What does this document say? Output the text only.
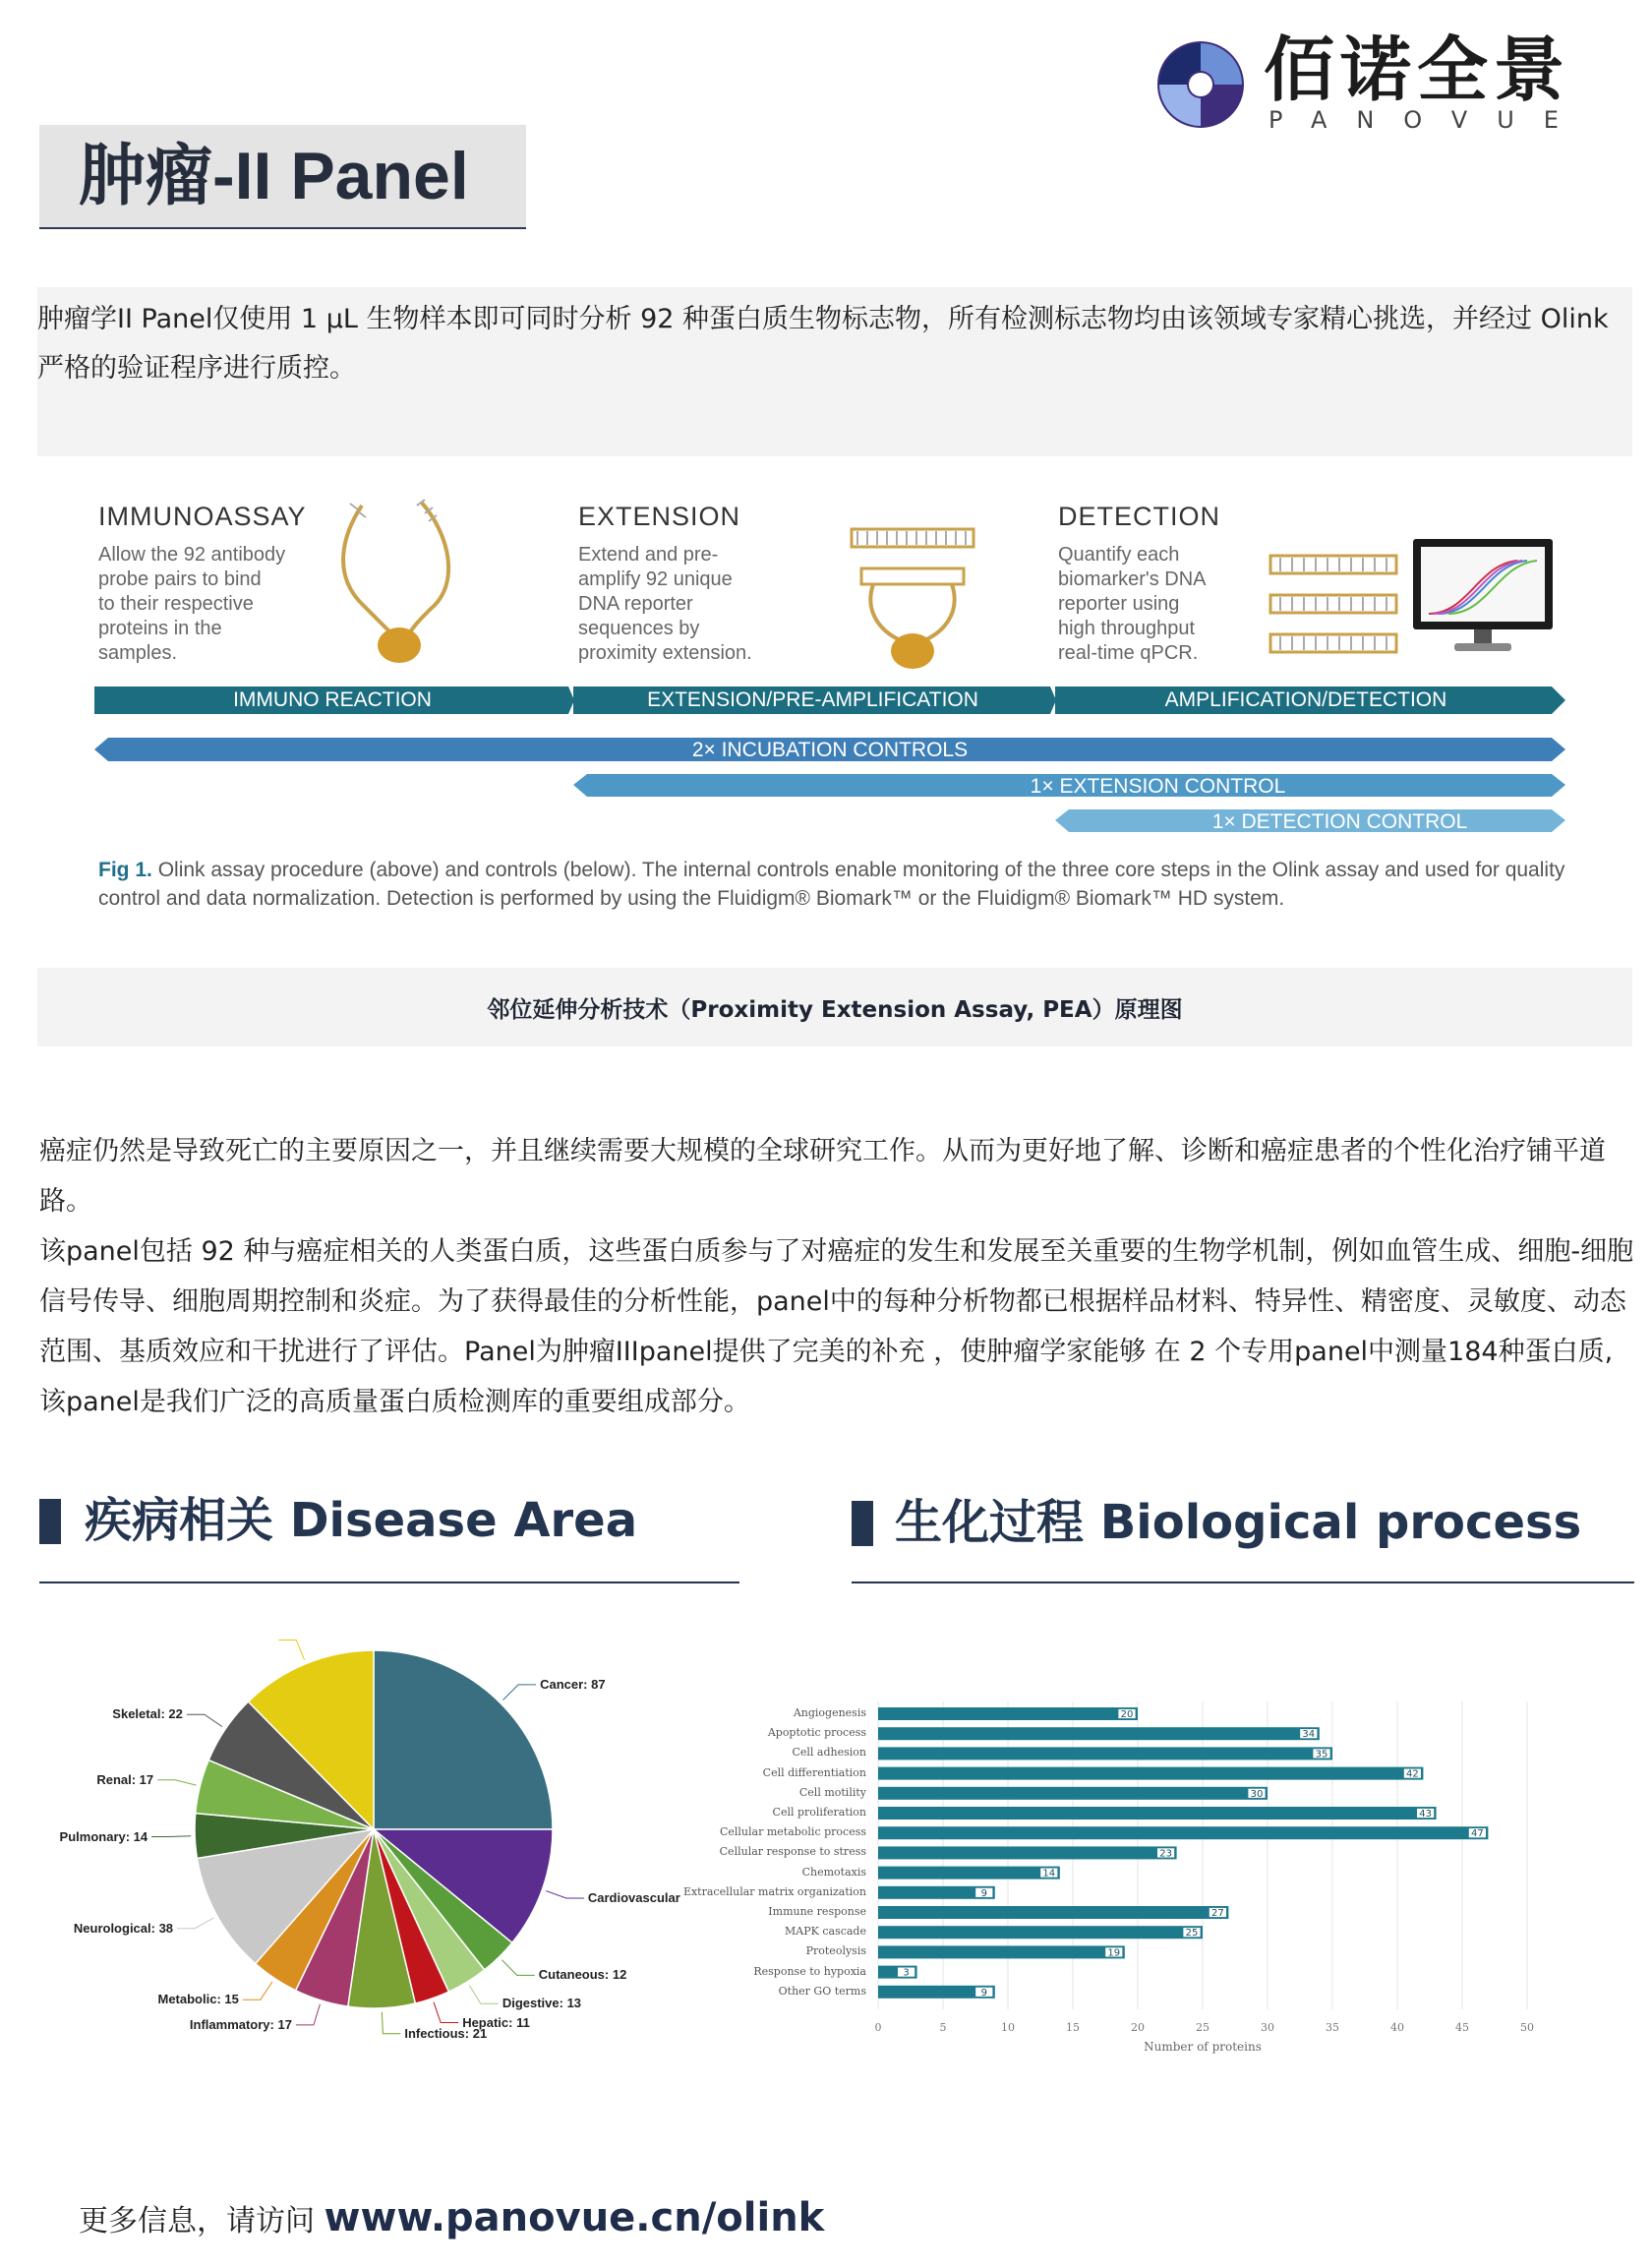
佰诺全景
PANOVUE
肿瘤-II Panel
肿瘤学II Panel仅使用 1 μL 生物样本即可同时分析 92 种蛋白质生物标志物，所有检测标志物均由该领域专家精心挑选，并经过 Olink 严格的验证程序进行质控。
IMMUNOASSAY	EXTENSION	DETECTION
Allow the 92 antibody
probe pairs to bind
to their respective
proteins in the
samples.
Extend and pre-
amplify 92 unique
DNA reporter
sequences by
proximity extension.
Quantify each
biomarker's DNA
reporter using
high throughput
real-time qPCR.
IMMUNO REACTION	EXTENSION/PRE-AMPLIFICATION	AMPLIFICATION/DETECTION
2× INCUBATION CONTROLS
1× EXTENSION CONTROL
1× DETECTION CONTROL
Fig 1. Olink assay procedure (above) and controls (below). The internal controls enable monitoring of the three core steps in the Olink assay and used for quality control and data normalization. Detection is performed by using the Fluidigm® Biomark™ or the Fluidigm® Biomark™ HD system.
邻位延伸分析技术（Proximity Extension Assay, PEA）原理图
癌症仍然是导致死亡的主要原因之一，并且继续需要大规模的全球研究工作。从而为更好地了解、诊断和癌症患者的个性化治疗铺平道路。
该panel包括 92 种与癌症相关的人类蛋白质，这些蛋白质参与了对癌症的发生和发展至关重要的生物学机制，例如血管生成、细胞-细胞信号传导、细胞周期控制和炎症。为了获得最佳的分析性能，panel中的每种分析物都已根据样品材料、特异性、精密度、灵敏度、动态范围、基质效应和干扰进行了评估。Panel为肿瘤IIIpanel提供了完美的补充 ，使肿瘤学家能够 在 2 个专用panel中测量184种蛋白质,该panel是我们广泛的高质量蛋白质检测库的重要组成部分。
疾病相关 Disease Area	生化过程 Biological process
Cancer: 87
Cardiovascular
Cutaneous: 12
Digestive: 13
Hepatic: 11
Infectious: 21
Inflammatory: 17
Metabolic: 15
Neurological: 38
Pulmonary: 14
Renal: 17
Skeletal: 22
0	5	10	15	20	25	30	35	40	45	50
Number of proteins
20
34
35
42
30
43
47
23
14
9
27
25
19
3
9
Angiogenesis
Apoptotic process
Cell adhesion
Cell differentiation
Cell motility
Cell proliferation
Cellular metabolic process
Cellular response to stress
Chemotaxis
Extracellular matrix organization
Immune response
MAPK cascade
Proteolysis
Response to hypoxia
Other GO terms
更多信息，请访问 www.panovue.cn/olink
